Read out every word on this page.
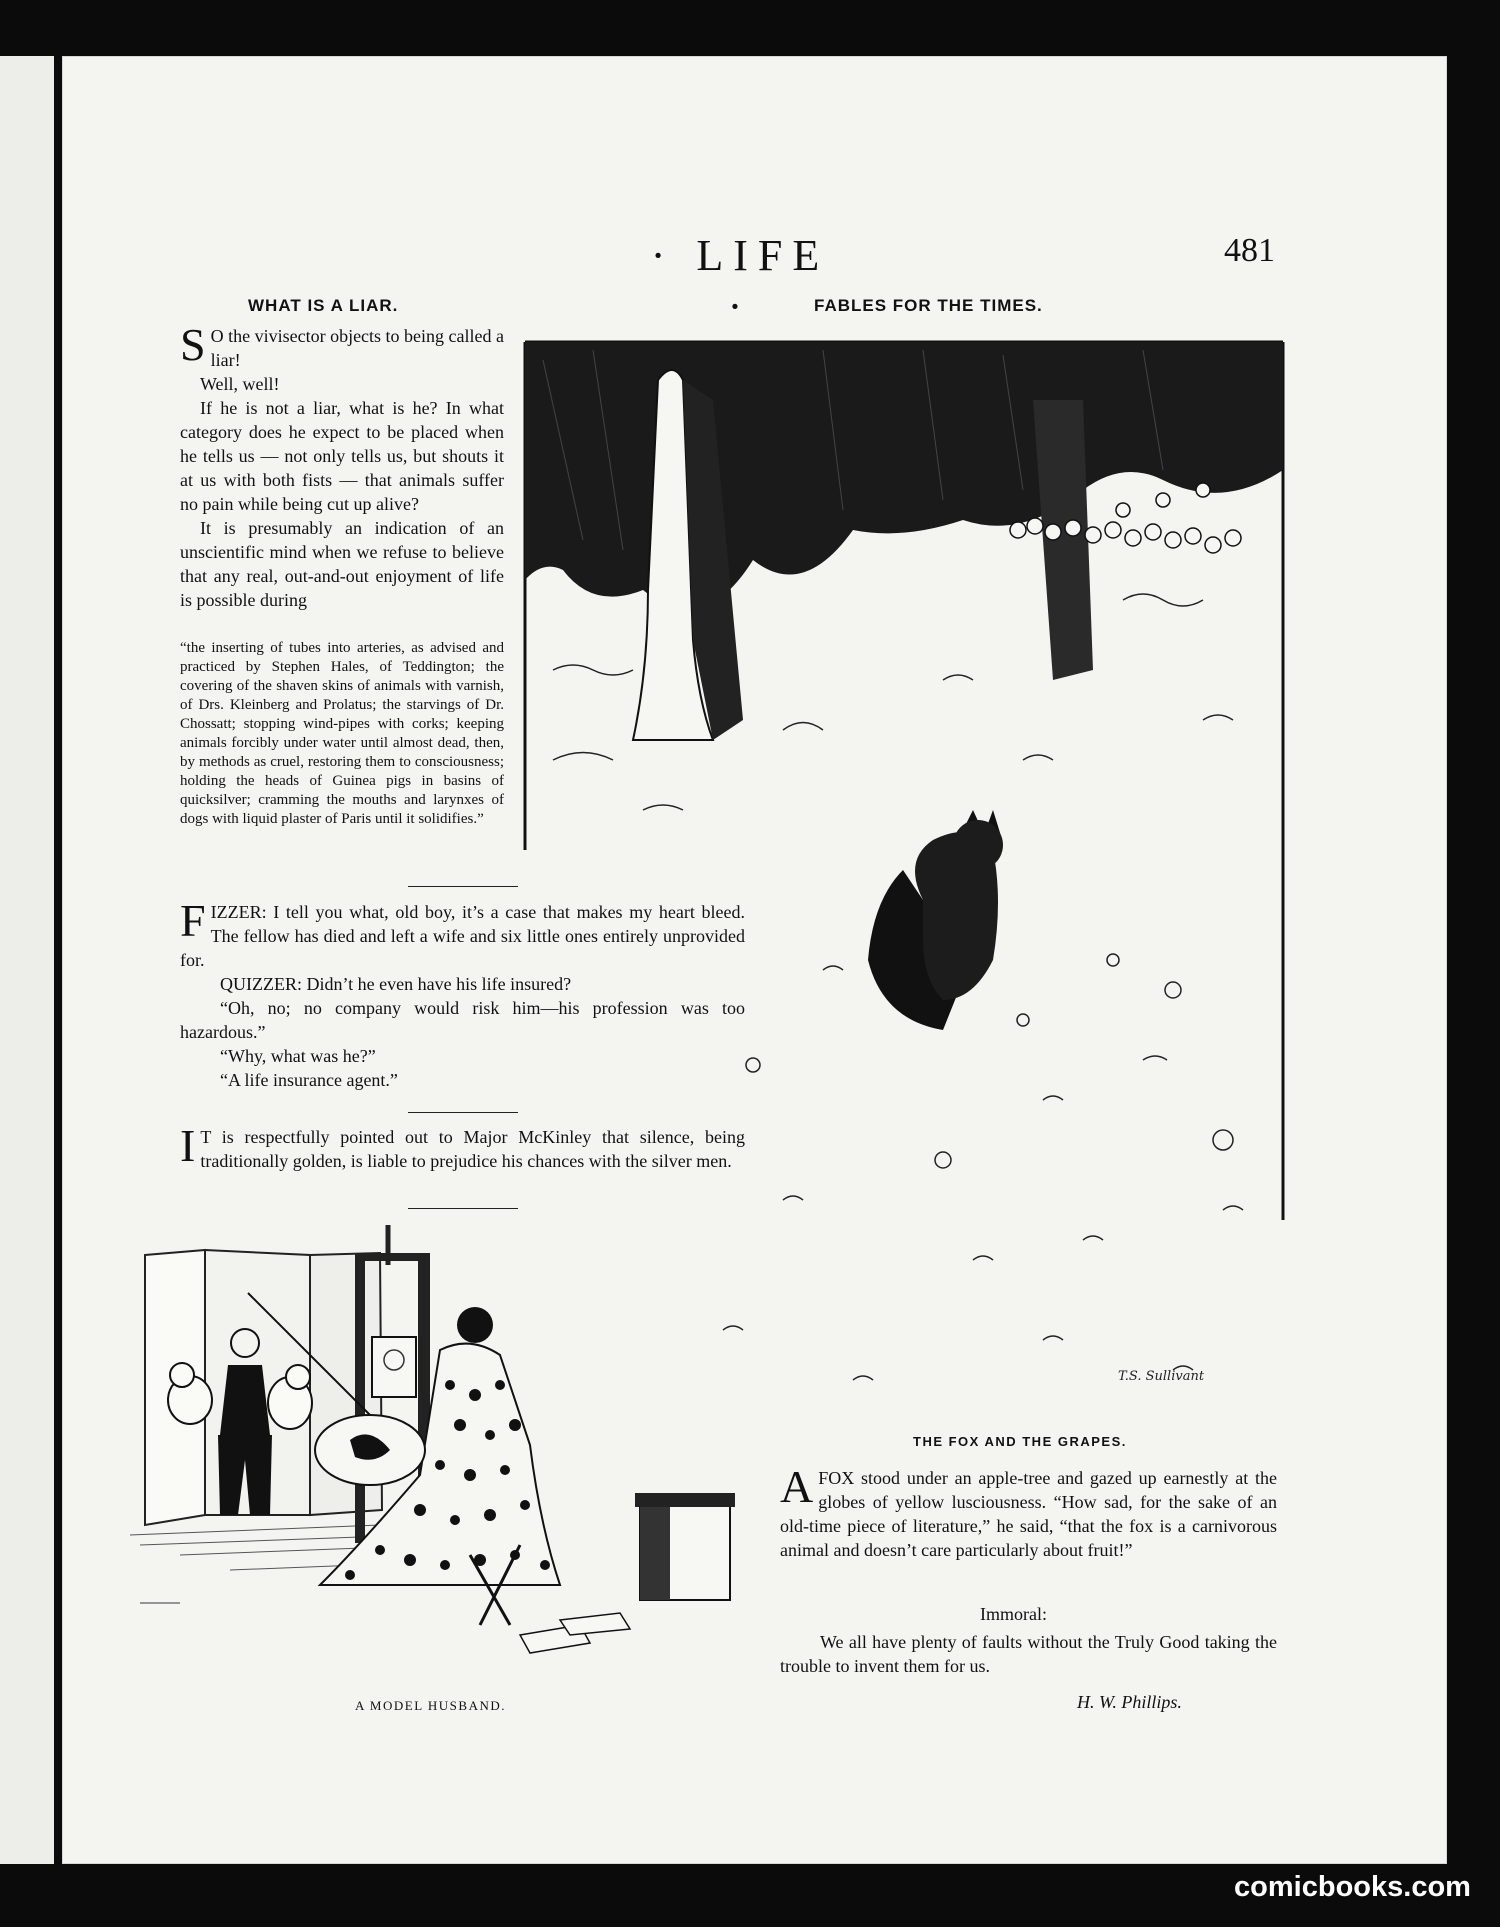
· LIFE ·
481
WHAT IS A LIAR.

S O the vivisector objects to being called a liar!

Well, well!

If he is not a liar, what is he? In what category does he expect to be placed when he tells us — not only tells us, but shouts it at us with both fists — that animals suffer no pain while being cut up alive?

It is presumably an indication of an unscientific mind when we refuse to believe that any real, out-and-out enjoyment of life is possible during

“the inserting of tubes into arteries, as advised and practiced by Stephen Hales, of Teddington; the covering of the shaven skins of animals with varnish, of Drs. Kleinberg and Prolatus; the starvings of Dr. Chossatt; stopping wind-pipes with corks; keeping animals forcibly under water until almost dead, then, by methods as cruel, restoring them to consciousness; holding the heads of Guinea pigs in basins of quicksilver; cramming the mouths and larynxes of dogs with liquid plaster of Paris until it solidifies.”

FIZZER: I tell you what, old boy, it’s a case that makes my heart bleed. The fellow has died and left a wife and six little ones entirely unprovided for.

QUIZZER: Didn’t he even have his life insured?

“Oh, no; no company would risk him—his profession was too hazardous.”

“Why, what was he?”

“A life insurance agent.”

I T is respectfully pointed out to Major McKinley that silence, being traditionally golden, is liable to prejudice his chances with the silver men.

A MODEL HUSBAND.
FABLES FOR THE TIMES.
T.S. Sullivant
THE FOX AND THE GRAPES.

AFOX stood under an apple-tree and gazed up earnestly at the globes of yellow lusciousness. “How sad, for the sake of an old-time piece of literature,” he said, “that the fox is a carnivorous animal and doesn’t care particularly about fruit!”

Immoral:
We all have plenty of faults without the Truly Good taking the trouble to invent them for us.
H. W. Phillips.
comicbooks.com
